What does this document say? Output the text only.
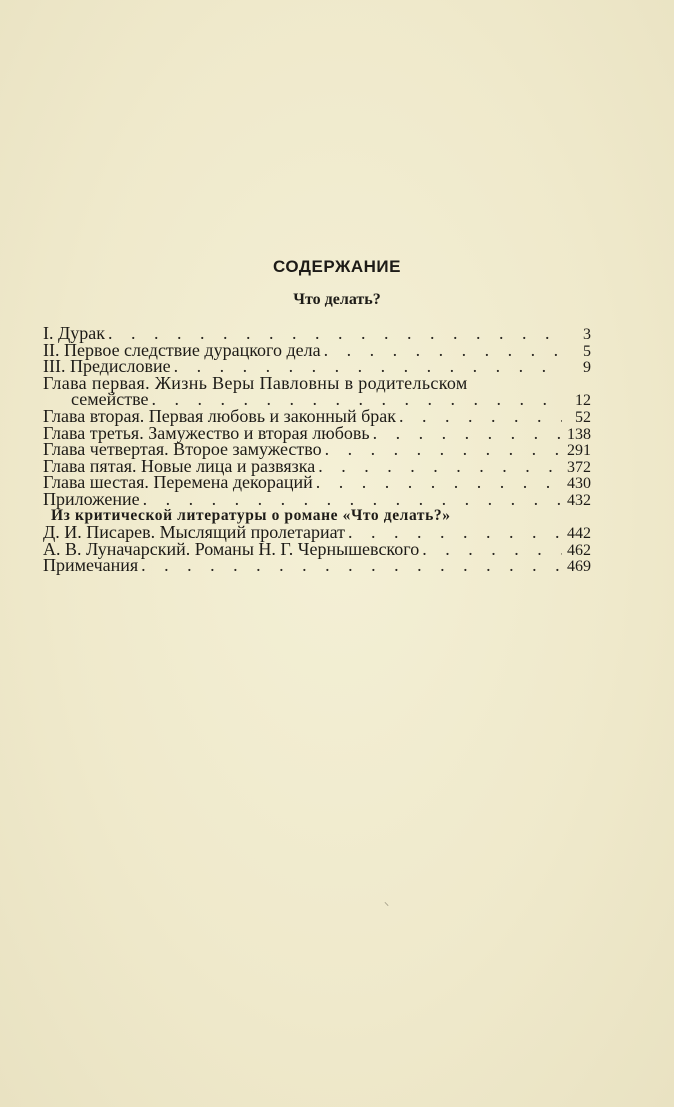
СОДЕРЖАНИЕ
Что делать?
I. Дурак . . .	3
II. Первое следствие дурацкого дела . . .	5
III. Предисловие . . .	9
Глава первая. Жизнь Веры Павловны в родительском
семействе . . .	12
Глава вторая. Первая любовь и законный брак . . .	52
Глава третья. Замужество и вторая любовь . . .	138
Глава четвертая. Второе замужество . . .	291
Глава пятая. Новые лица и развязка . . .	372
Глава шестая. Перемена декораций . . .	430
Приложение . . .	432
Из критической литературы о романе «Что делать?»
Д. И. Писарев. Мыслящий пролетариат . . .	442
А. В. Луначарский. Романы Н. Г. Чернышевского . . .	462
Примечания . . .	469
⸜
